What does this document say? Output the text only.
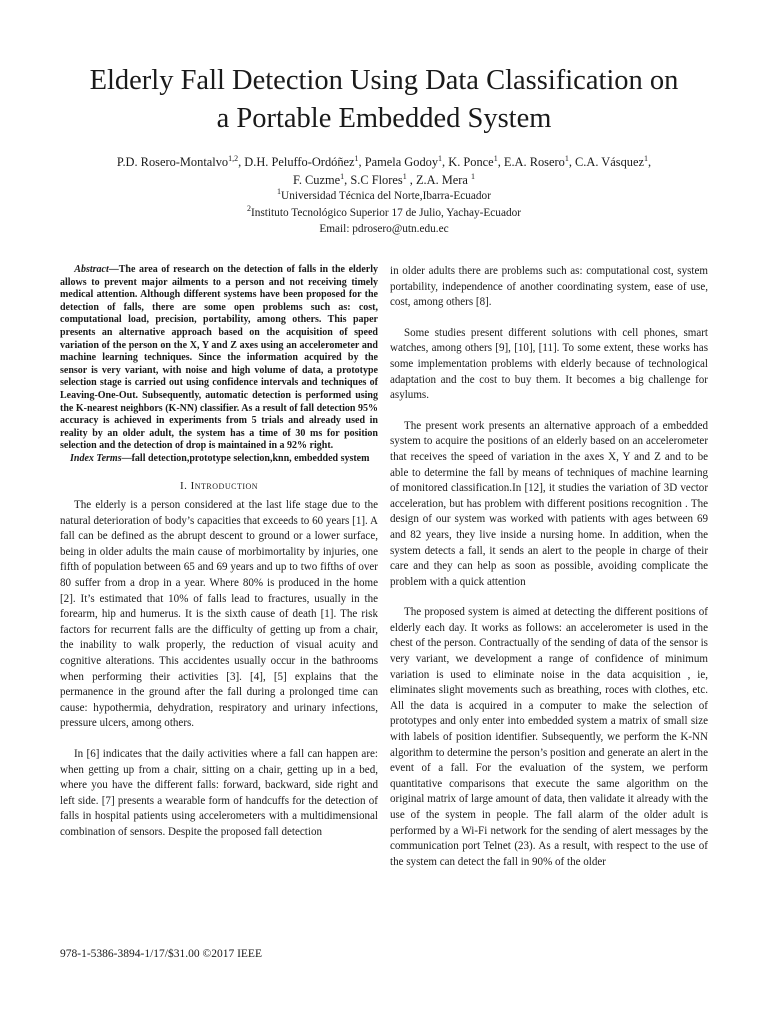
Elderly Fall Detection Using Data Classification on
a Portable Embedded System
P.D. Rosero-Montalvo$^{1,2}$, D.H. Peluffo-Ordóñez$^1$, Pamela Godoy$^1$, K. Ponce$^1$, E.A. Rosero$^1$, C.A. Vásquez$^1$,
F. Cuzme$^1$, S.C Flores$^1$ , Z.A. Mera $^1$
$^1$Universidad Técnica del Norte,Ibarra-Ecuador
$^2$Instituto Tecnológico Superior 17 de Julio, Yachay-Ecuador
Email: pdrosero@utn.edu.ec

Abstract—The area of research on the detection of falls in the elderly allows to prevent major ailments to a person and not receiving timely medical attention. Although different systems have been proposed for the detection of falls, there are some open problems such as: cost, computational load, precision, portability, among others. This paper presents an alternative approach based on the acquisition of speed variation of the person on the X, Y and Z axes using an accelerometer and machine learning techniques. Since the information acquired by the sensor is very variant, with noise and high volume of data, a prototype selection stage is carried out using confidence intervals and techniques of Leaving-One-Out. Subsequently, automatic detection is performed using the K-nearest neighbors (K-NN) classifier. As a result of fall detection 95% accuracy is achieved in experiments from 5 trials and already used in reality by an older adult, the system has a time of 30 ms for position selection and the detection of drop is maintained in a 92% right.

Index Terms—fall detection,prototype selection,knn, embedded system

I. Introduction

The elderly is a person considered at the last life stage due to the natural deterioration of body’s capacities that exceeds to 60 years [1]. A fall can be defined as the abrupt descent to ground or a lower surface, being in older adults the main cause of morbimortality by injuries, one fifth of population between 65 and 69 years and up to two fifths of over 80 suffer from a drop in a year. Where 80% is produced in the home [2]. It’s estimated that 10% of falls lead to fractures, usually in the forearm, hip and humerus. It is the sixth cause of death [1]. The risk factors for recurrent falls are the difficulty of getting up from a chair, the inability to walk properly, the reduction of visual acuity and cognitive alterations. This accidentes usually occur in the bathrooms when performing their activities [3]. [4], [5] explains that the permanence in the ground after the fall during a prolonged time can cause: hypothermia, dehydration, respiratory and urinary infections, pressure ulcers, among others.

In [6] indicates that the daily activities where a fall can happen are: when getting up from a chair, sitting on a chair, getting up in a bed, where you have the different falls: forward, backward, side right and left side. [7] presents a wearable form of handcuffs for the detection of falls in hospital patients using accelerometers with a multidimensional combination of sensors. Despite the proposed fall detection

in older adults there are problems such as: computational cost, system portability, independence of another coordinating system, ease of use, cost, among others [8].

Some studies present different solutions with cell phones, smart watches, among others [9], [10], [11]. To some extent, these works has some implementation problems with elderly because of technological adaptation and the cost to buy them. It becomes a big challenge for asylums.

The present work presents an alternative approach of a embedded system to acquire the positions of an elderly based on an accelerometer that receives the speed of variation in the axes X, Y and Z and to be able to determine the fall by means of techniques of machine learning of monitored classification.In [12], it studies the variation of 3D vector acceleration, but has problem with different positions recognition . The design of our system was worked with patients with ages between 69 and 82 years, they live inside a nursing home. In addition, when the system detects a fall, it sends an alert to the people in charge of their care and they can help as soon as possible, avoiding complicate the problem with a quick attention

The proposed system is aimed at detecting the different positions of elderly each day. It works as follows: an accelerometer is used in the chest of the person. Contractually of the sending of data of the sensor is very variant, we development a range of confidence of minimum variation is used to eliminate noise in the data acquisition , ie, eliminates slight movements such as breathing, roces with clothes, etc. All the data is acquired in a computer to make the selection of prototypes and only enter into embedded system a matrix of small size with labels of position identifier. Subsequently, we perform the K-NN algorithm to determine the person’s position and generate an alert in the event of a fall. For the evaluation of the system, we perform quantitative comparisons that execute the same algorithm on the original matrix of large amount of data, then validate it already with the use of the system in people. The fall alarm of the older adult is performed by a Wi-Fi network for the sending of alert messages by the communication port Telnet (23). As a result, with respect to the use of the system can detect the fall in 90% of the older

978-1-5386-3894-1/17/$31.00 ©2017 IEEE
